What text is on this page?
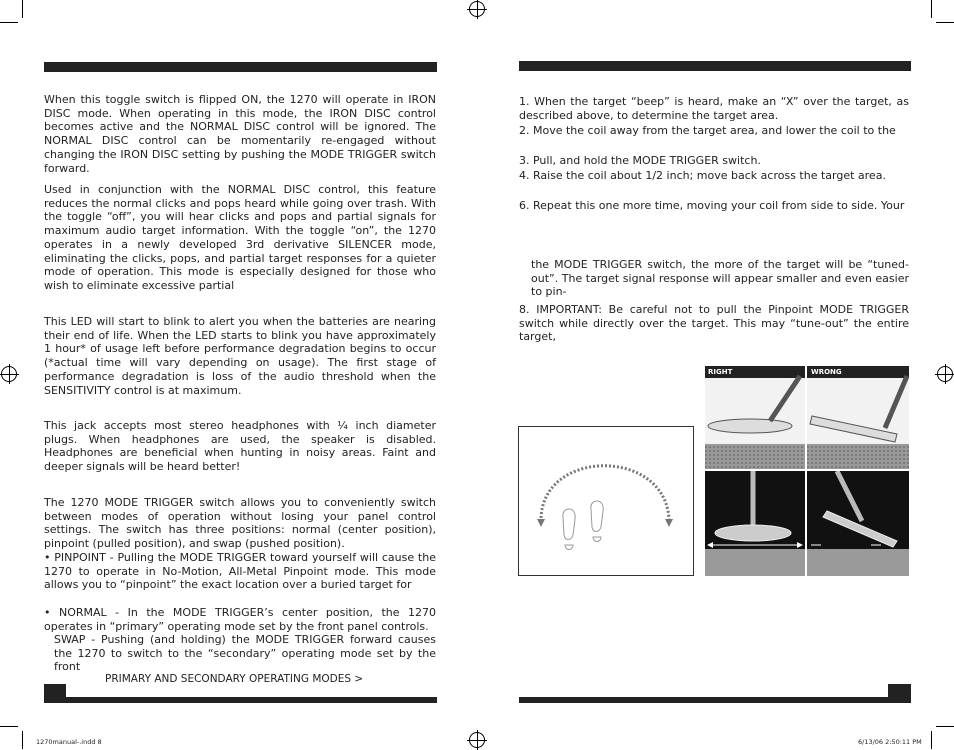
When this toggle switch is flipped ON, the 1270 will operate in IRON DISC mode. When operating in this mode, the IRON DISC control becomes active and the NORMAL DISC control will be ignored. The NORMAL DISC control can be momentarily re-engaged without changing the IRON DISC setting by pushing the MODE TRIGGER switch forward.
Used in conjunction with the NORMAL DISC control, this feature reduces the normal clicks and pops heard while going over trash. With the toggle “off”, you will hear clicks and pops and partial signals for maximum audio target information. With the toggle “on”, the 1270 operates in a newly developed 3rd derivative SILENCER mode, eliminating the clicks, pops, and partial target responses for a quieter mode of operation. This mode is especially designed for those who wish to eliminate excessive partial
This LED will start to blink to alert you when the batteries are nearing their end of life. When the LED starts to blink you have approximately 1 hour* of usage left before performance degradation begins to occur (*actual time will vary depending on usage). The first stage of performance degradation is loss of the audio threshold when the SENSITIVITY control is at maximum.
This jack accepts most stereo headphones with ¼ inch diameter plugs. When headphones are used, the speaker is disabled. Headphones are beneficial when hunting in noisy areas. Faint and deeper signals will be heard better!
The 1270 MODE TRIGGER switch allows you to conveniently switch between modes of operation without losing your panel control settings. The switch has three positions: normal (center position), pinpoint (pulled position), and swap (pushed position).
• PINPOINT - Pulling the MODE TRIGGER toward yourself will cause the 1270 to operate in No-Motion, All-Metal Pinpoint mode. This mode allows you to “pinpoint” the exact location over a buried target for
• NORMAL - In the MODE TRIGGER’s center position, the 1270 operates in “primary” operating mode set by the front panel controls.
SWAP - Pushing (and holding) the MODE TRIGGER forward causes the 1270 to switch to the “secondary” operating mode set by the front
PRIMARY AND SECONDARY OPERATING MODES >
1. When the target “beep” is heard, make an “X” over the target, as described above, to determine the target area.
2. Move the coil away from the target area, and lower the coil to the
3. Pull, and hold the MODE TRIGGER switch.
4. Raise the coil about 1/2 inch; move back across the target area.
6. Repeat this one more time, moving your coil from side to side. Your
the MODE TRIGGER switch, the more of the target will be “tuned-out”. The target signal response will appear smaller and even easier to pin-
8. IMPORTANT: Be careful not to pull the Pinpoint MODE TRIGGER switch while directly over the target. This may “tune-out” the entire target,
RIGHT	WRONG
1270manual-.indd 8	6/13/06 2:50:11 PM
